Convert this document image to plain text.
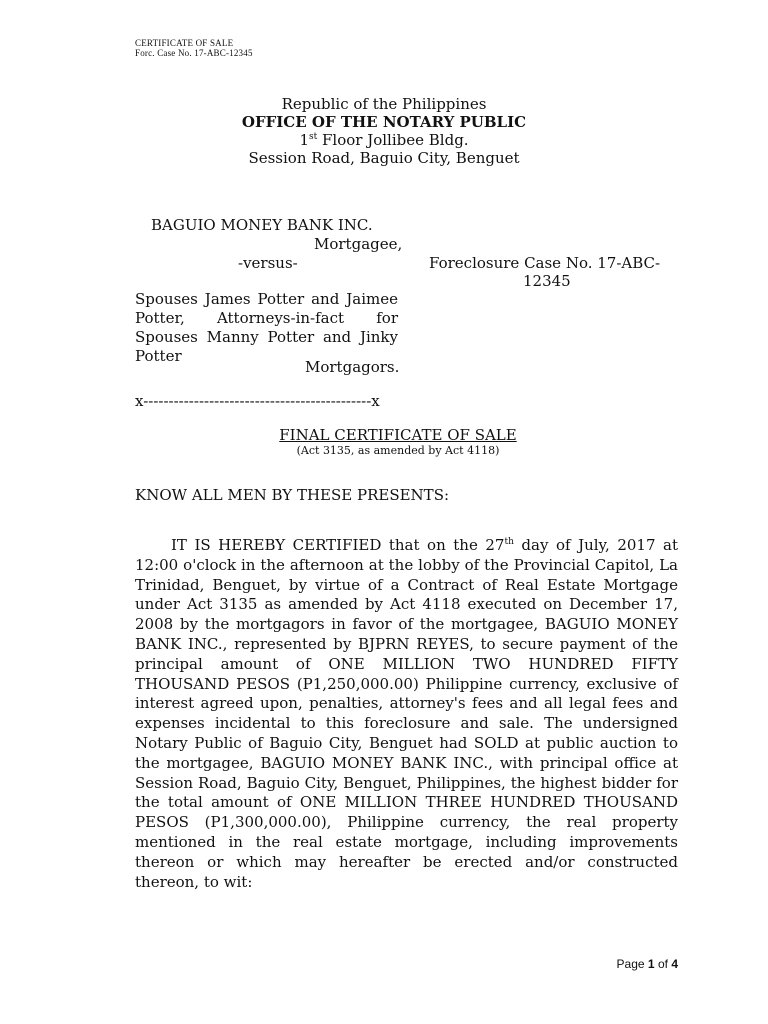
CERTIFICATE OF SALE
Forc. Case No. 17-ABC-12345
Republic of the Philippines
OFFICE OF THE NOTARY PUBLIC
1st Floor Jollibee Bldg.
Session Road, Baguio City, Benguet
BAGUIO MONEY BANK INC.
Mortgagee,
-versus-	Foreclosure Case No. 17-ABC-
12345
Spouses James Potter and Jaimee Potter, Attorneys-in-fact for Spouses Manny Potter and Jinky Potter
Mortgagors.
x---------------------------------------------x
FINAL CERTIFICATE OF SALE
(Act 3135, as amended by Act 4118)
KNOW ALL MEN BY THESE PRESENTS:
IT IS HEREBY CERTIFIED that on the 27th day of July, 2017 at 12:00 o'clock in the afternoon at the lobby of the Provincial Capitol, La Trinidad, Benguet, by virtue of a Contract of Real Estate Mortgage under Act 3135 as amended by Act 4118 executed on December 17, 2008 by the mortgagors in favor of the mortgagee, BAGUIO MONEY BANK INC., represented by BJPRN REYES, to secure payment of the principal amount of ONE MILLION TWO HUNDRED FIFTY THOUSAND PESOS (P1,250,000.00) Philippine currency, exclusive of interest agreed upon, penalties, attorney's fees and all legal fees and expenses incidental to this foreclosure and sale. The undersigned Notary Public of Baguio City, Benguet had SOLD at public auction to the mortgagee, BAGUIO MONEY BANK INC., with principal office at Session Road, Baguio City, Benguet, Philippines, the highest bidder for the total amount of ONE MILLION THREE HUNDRED THOUSAND PESOS (P1,300,000.00), Philippine currency, the real property mentioned in the real estate mortgage, including improvements thereon or which may hereafter be erected and/or constructed thereon, to wit:
Page 1 of 4
